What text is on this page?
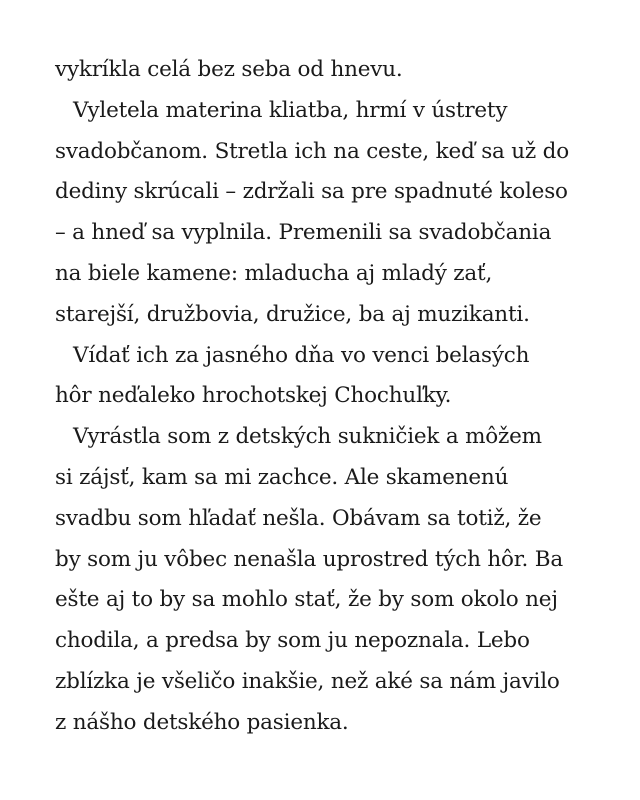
vykríkla celá bez seba od hnevu.
Vyletela materina kliatba, hrmí v ústrety
svadobčanom. Stretla ich na ceste, keď sa už do
dediny skrúcali – zdržali sa pre spadnuté koleso
– a hneď sa vyplnila. Premenili sa svadobčania
na biele kamene: mladucha aj mladý zať,
starejší, družbovia, družice, ba aj muzikanti.
Vídať ich za jasného dňa vo venci belasých
hôr neďaleko hrochotskej Chochuľky.
Vyrástla som z detských sukničiek a môžem
si zájsť, kam sa mi zachce. Ale skamenenú
svadbu som hľadať nešla. Obávam sa totiž, že
by som ju vôbec nenašla uprostred tých hôr. Ba
ešte aj to by sa mohlo stať, že by som okolo nej
chodila, a predsa by som ju nepoznala. Lebo
zblízka je všeličo inakšie, než aké sa nám javilo
z nášho detského pasienka.
